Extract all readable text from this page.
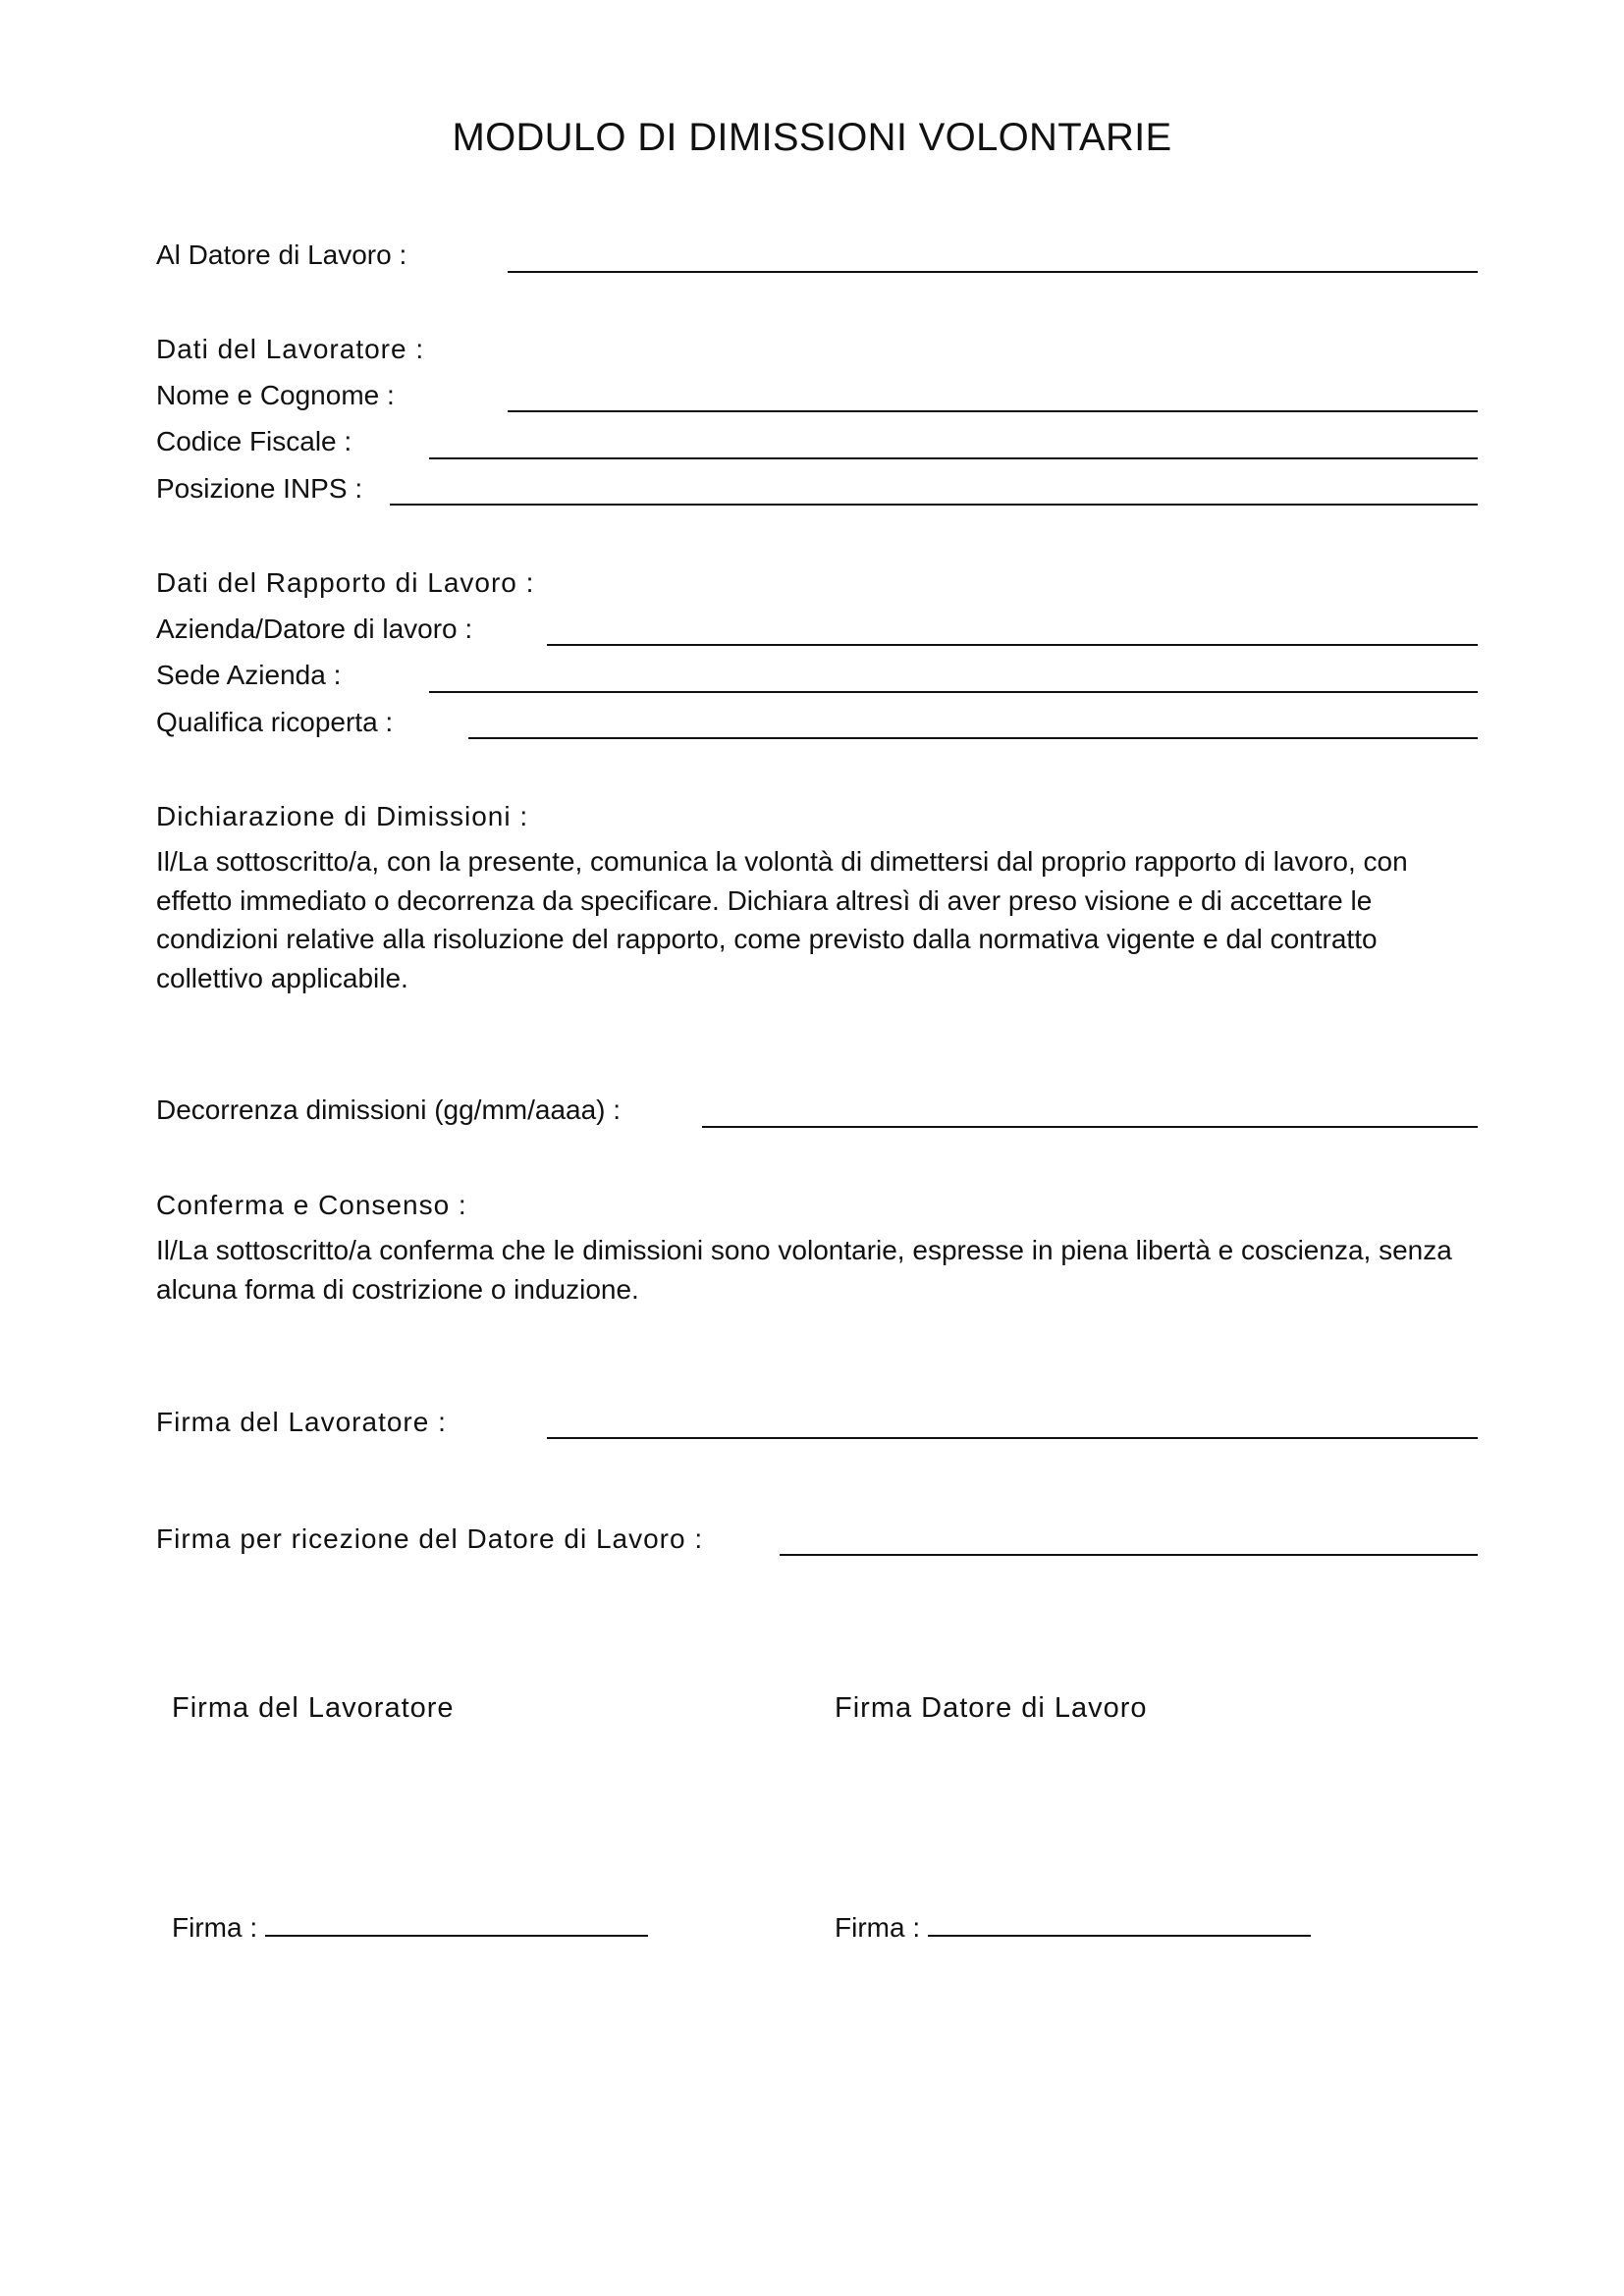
MODULO DI DIMISSIONI VOLONTARIE
Al Datore di Lavoro :
Dati del Lavoratore :
Nome e Cognome :
Codice Fiscale :
Posizione INPS :
Dati del Rapporto di Lavoro :
Azienda/Datore di lavoro :
Sede Azienda :
Qualifica ricoperta :
Dichiarazione di Dimissioni :
Il/La sottoscritto/a, con la presente, comunica la volontà di dimettersi dal proprio rapporto di lavoro, con effetto immediato o decorrenza da specificare. Dichiara altresì di aver preso visione e di accettare le condizioni relative alla risoluzione del rapporto, come previsto dalla normativa vigente e dal contratto collettivo applicabile.
Decorrenza dimissioni (gg/mm/aaaa) :
Conferma e Consenso :
Il/La sottoscritto/a conferma che le dimissioni sono volontarie, espresse in piena libertà e coscienza, senza alcuna forma di costrizione o induzione.
Firma del Lavoratore :
Firma per ricezione del Datore di Lavoro :
Firma del Lavoratore	Firma Datore di Lavoro
Firma :	Firma :
